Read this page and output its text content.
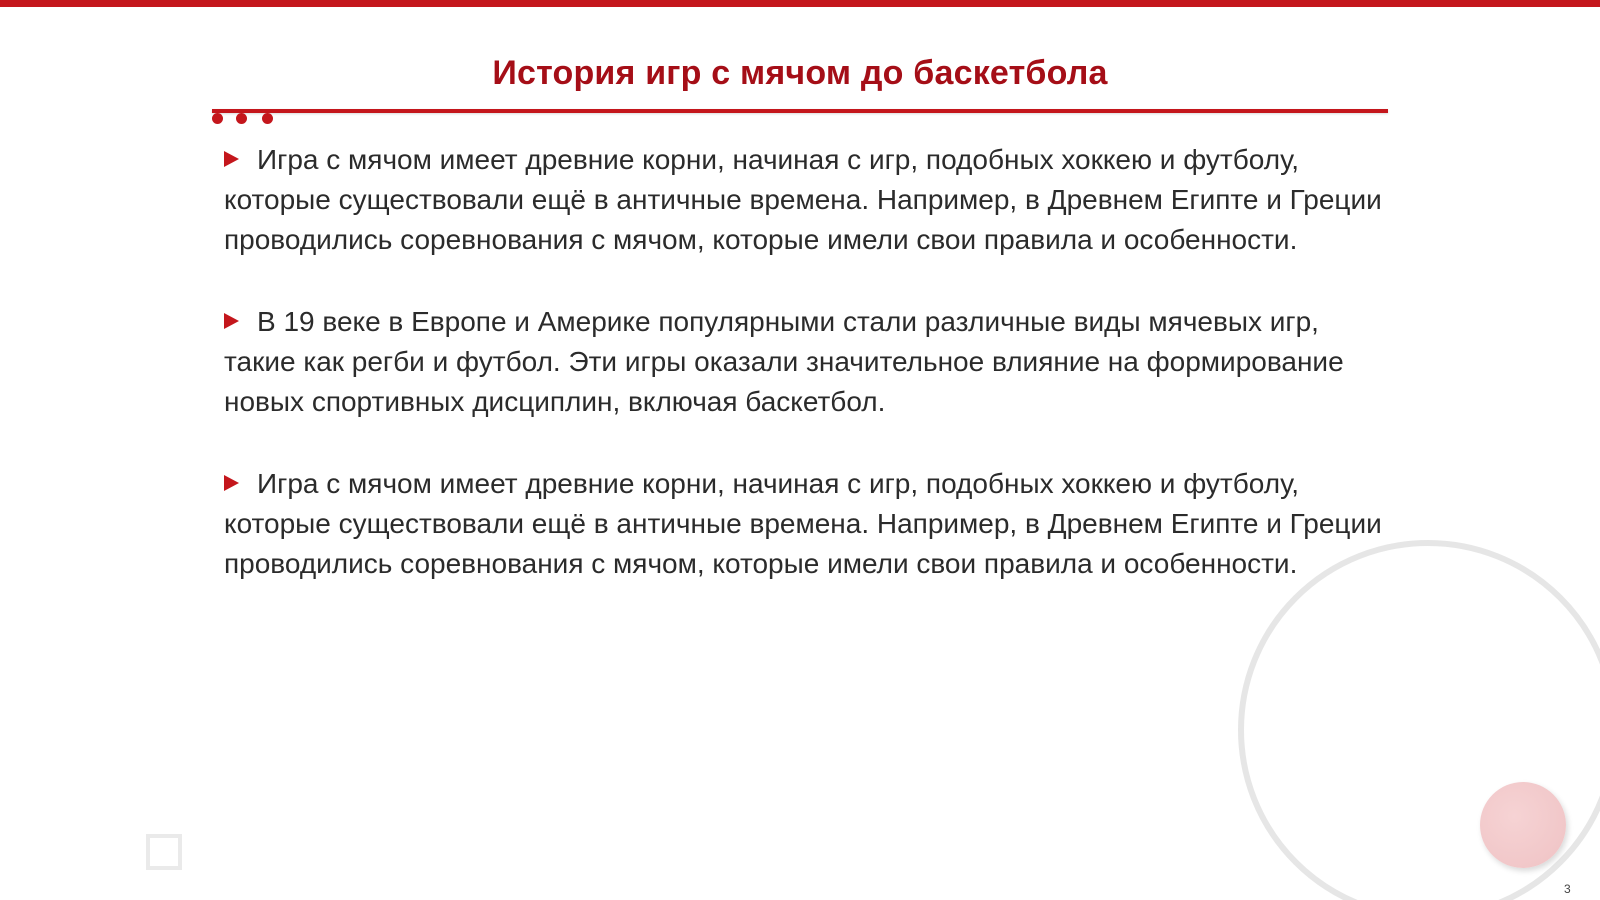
История игр с мячом до баскетбола
Игра с мячом имеет древние корни, начиная с игр, подобных хоккею и футболу, которые существовали ещё в античные времена. Например, в Древнем Египте и Греции проводились соревнования с мячом, которые имели свои правила и особенности.
В 19 веке в Европе и Америке популярными стали различные виды мячевых игр, такие как регби и футбол. Эти игры оказали значительное влияние на формирование новых спортивных дисциплин, включая баскетбол.
Игра с мячом имеет древние корни, начиная с игр, подобных хоккею и футболу, которые существовали ещё в античные времена. Например, в Древнем Египте и Греции проводились соревнования с мячом, которые имели свои правила и особенности.
3
